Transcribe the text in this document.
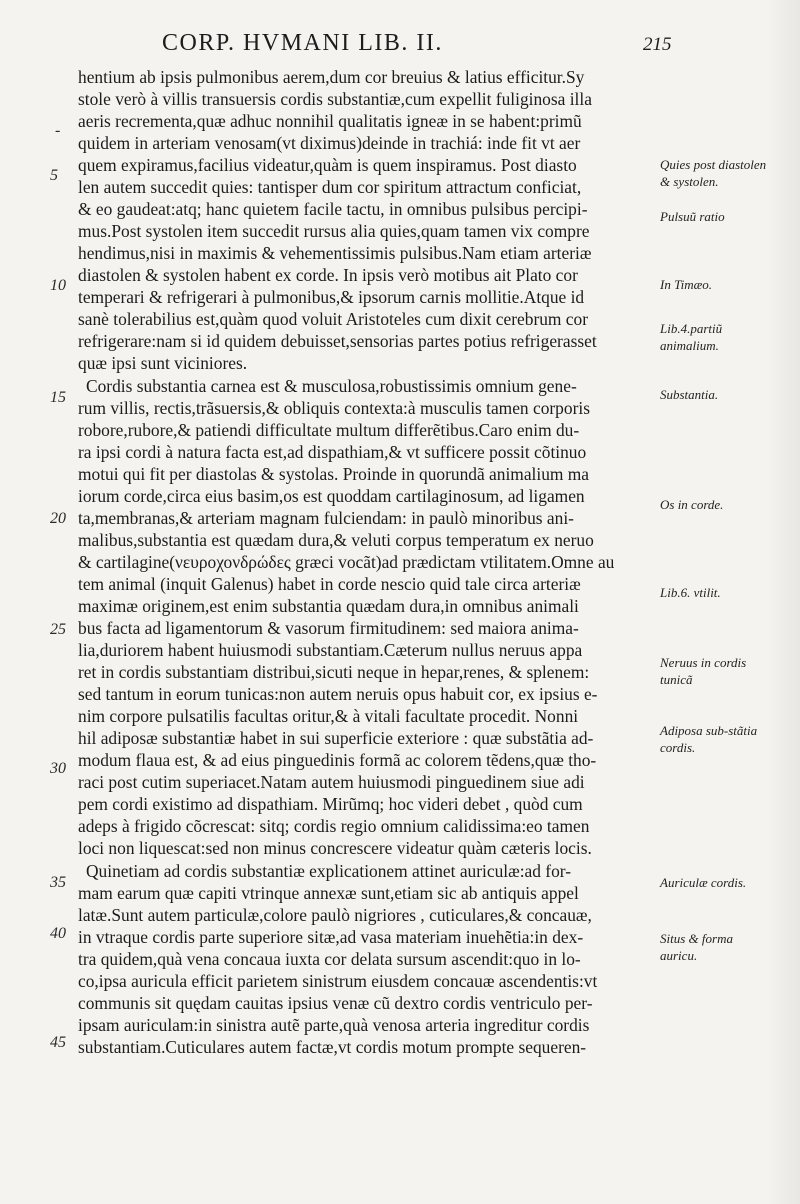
CORP. HVMANI LIB. II.	215
hentium ab ipsis pulmonibus aerem,dum cor breuius & latius efficitur.Sy
stole verò à villis transuersis cordis substantiæ,cum expellit fuliginosa illa
aeris recrementa,quæ adhuc nonnihil qualitatis igneæ in se habent:primũ
quidem in arteriam venosam(vt diximus)deinde in trachiá: inde fit vt aer
quem expiramus,facilius videatur,quàm is quem inspiramus. Post diasto
len autem succedit quies: tantisper dum cor spiritum attractum conficiat,
& eo gaudeat:atq; hanc quietem facile tactu, in omnibus pulsibus percipi-
mus.Post systolen item succedit rursus alia quies,quam tamen vix compre
hendimus,nisi in maximis & vehementissimis pulsibus.Nam etiam arteriæ
diastolen & systolen habent ex corde. In ipsis verò motibus ait Plato cor
temperari & refrigerari à pulmonibus,& ipsorum carnis mollitie.Atque id
sanè tolerabilius est,quàm quod voluit Aristoteles cum dixit cerebrum cor
refrigerare:nam si id quidem debuisset,sensorias partes potius refrigerasset
quæ ipsi sunt viciniores.
Cordis substantia carnea est & musculosa,robustissimis omnium gene-
rum villis, rectis,trãsuersis,& obliquis contexta:à musculis tamen corporis
robore,rubore,& patiendi difficultate multum differẽtibus.Caro enim du-
ra ipsi cordi à natura facta est,ad dispathiam,& vt sufficere possit cõtinuo
motui qui fit per diastolas & systolas. Proinde in quorundã animalium ma
iorum corde,circa eius basim,os est quoddam cartilaginosum, ad ligamen
ta,membranas,& arteriam magnam fulciendam: in paulò minoribus ani-
malibus,substantia est quædam dura,& veluti corpus temperatum ex neruo
& cartilagine(νευροχονδρώδες græci vocãt)ad prædictam vtilitatem.Omne au
tem animal (inquit Galenus) habet in corde nescio quid tale circa arteriæ
maximæ originem,est enim substantia quædam dura,in omnibus animali
bus facta ad ligamentorum & vasorum firmitudinem: sed maiora anima-
lia,duriorem habent huiusmodi substantiam.Cæterum nullus neruus appa
ret in cordis substantiam distribui,sicuti neque in hepar,renes, & splenem:
sed tantum in eorum tunicas:non autem neruis opus habuit cor, ex ipsius e-
nim corpore pulsatilis facultas oritur,& à vitali facultate procedit. Nonni
hil adiposæ substantiæ habet in sui superficie exteriore : quæ substãtia ad-
modum flaua est, & ad eius pinguedinis formã ac colorem tẽdens,quæ tho-
raci post cutim superiacet.Natam autem huiusmodi pinguedinem siue adi
pem cordi existimo ad dispathiam. Mirũmq; hoc videri debet , quòd cum
adeps à frigido cõcrescat: sitq; cordis regio omnium calidissima:eo tamen
loci non liquescat:sed non minus concrescere videatur quàm cæteris locis.
Quinetiam ad cordis substantiæ explicationem attinet auriculæ:ad for-
mam earum quæ capiti vtrinque annexæ sunt,etiam sic ab antiquis appel
latæ.Sunt autem particulæ,colore paulò nigriores , cuticulares,& concauæ,
in vtraque cordis parte superiore sitæ,ad vasa materiam inuehẽtia:in dex-
tra quidem,quà vena concaua iuxta cor delata sursum ascendit:quo in lo-
co,ipsa auricula efficit parietem sinistrum eiusdem concauæ ascendentis:vt
communis sit quędam cauitas ipsius venæ cũ dextro cordis ventriculo per-
ipsam auriculam:in sinistra autẽ parte,quà venosa arteria ingreditur cordis
substantiam.Cuticulares autem factæ,vt cordis motum prompte sequeren-
-
5
10
15
20
25
30
35
40
45
Quies post diastolen & systolen.
Pulsuũ ratio
In Timæo.
Lib.4.partiũ animalium.
Substantia.
Os in corde.
Lib.6. vtilit.
Neruus in cordis tunicã
Adiposa sub-stãtia cordis.
Auriculæ cordis.
Situs & forma auricu.
